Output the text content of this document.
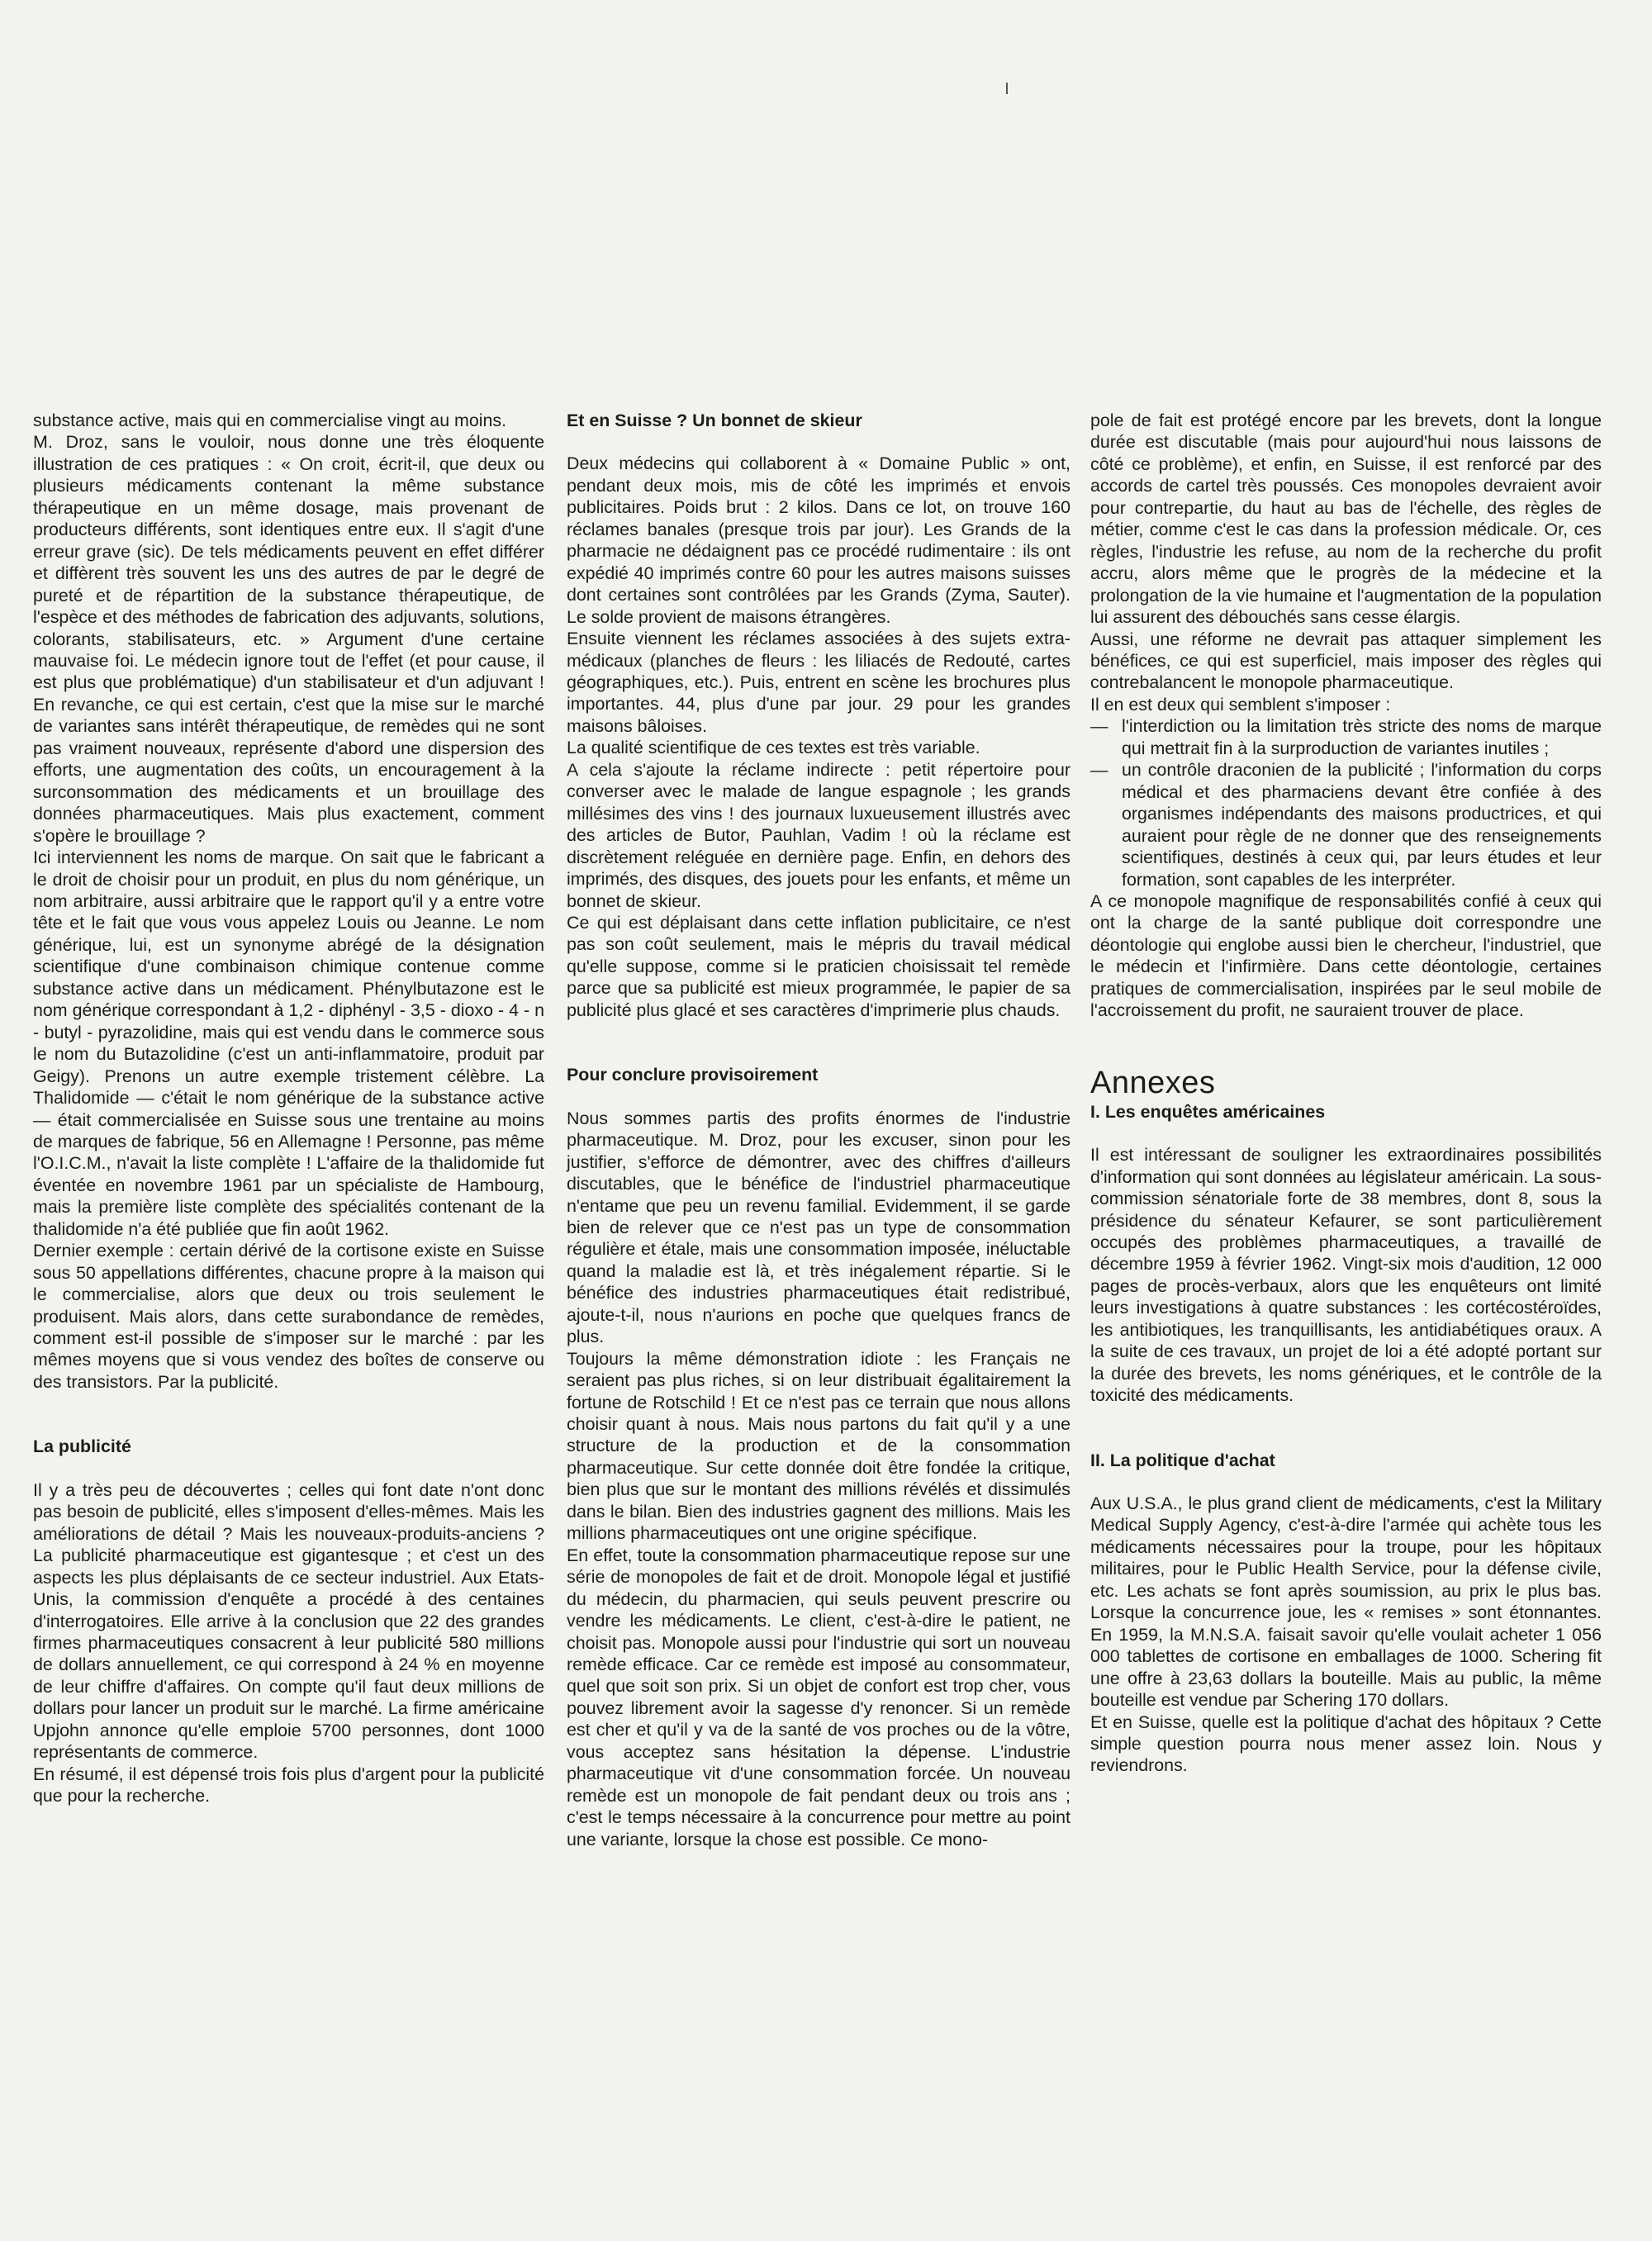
substance active, mais qui en commercialise vingt au moins.

M. Droz, sans le vouloir, nous donne une très éloquente illustration de ces pratiques : « On croit, écrit-il, que deux ou plusieurs médicaments contenant la même substance thérapeutique en un même dosage, mais provenant de producteurs différents, sont identiques entre eux. Il s'agit d'une erreur grave (sic). De tels médicaments peuvent en effet différer et diffèrent très souvent les uns des autres de par le degré de pureté et de répartition de la substance thérapeutique, de l'espèce et des méthodes de fabrication des adjuvants, solutions, colorants, stabilisateurs, etc. » Argument d'une certaine mauvaise foi. Le médecin ignore tout de l'effet (et pour cause, il est plus que problématique) d'un stabilisateur et d'un adjuvant ! En revanche, ce qui est certain, c'est que la mise sur le marché de variantes sans intérêt thérapeutique, de remèdes qui ne sont pas vraiment nouveaux, représente d'abord une dispersion des efforts, une augmentation des coûts, un encouragement à la surconsommation des médicaments et un brouillage des données pharmaceutiques. Mais plus exactement, comment s'opère le brouillage ?

Ici interviennent les noms de marque. On sait que le fabricant a le droit de choisir pour un produit, en plus du nom générique, un nom arbitraire, aussi arbitraire que le rapport qu'il y a entre votre tête et le fait que vous vous appelez Louis ou Jeanne. Le nom générique, lui, est un synonyme abrégé de la désignation scientifique d'une combinaison chimique contenue comme substance active dans un médicament. Phénylbutazone est le nom générique correspondant à 1,2 - diphényl - 3,5 - dioxo - 4 - n - butyl - pyrazolidine, mais qui est vendu dans le commerce sous le nom du Butazolidine (c'est un anti-inflammatoire, produit par Geigy). Prenons un autre exemple tristement célèbre. La Thalidomide — c'était le nom générique de la substance active — était commercialisée en Suisse sous une trentaine au moins de marques de fabrique, 56 en Allemagne ! Personne, pas même l'O.I.C.M., n'avait la liste complète ! L'affaire de la thalidomide fut éventée en novembre 1961 par un spécialiste de Hambourg, mais la première liste complète des spécialités contenant de la thalidomide n'a été publiée que fin août 1962.

Dernier exemple : certain dérivé de la cortisone existe en Suisse sous 50 appellations différentes, chacune propre à la maison qui le commercialise, alors que deux ou trois seulement le produisent. Mais alors, dans cette surabondance de remèdes, comment est-il possible de s'imposer sur le marché : par les mêmes moyens que si vous vendez des boîtes de conserve ou des transistors. Par la publicité.

La publicité

Il y a très peu de découvertes ; celles qui font date n'ont donc pas besoin de publicité, elles s'imposent d'elles-mêmes. Mais les améliorations de détail ? Mais les nouveaux-produits-anciens ? La publicité pharmaceutique est gigantesque ; et c'est un des aspects les plus déplaisants de ce secteur industriel. Aux Etats-Unis, la commission d'enquête a procédé à des centaines d'interrogatoires. Elle arrive à la conclusion que 22 des grandes firmes pharmaceutiques consacrent à leur publicité 580 millions de dollars annuellement, ce qui correspond à 24 % en moyenne de leur chiffre d'affaires. On compte qu'il faut deux millions de dollars pour lancer un produit sur le marché. La firme américaine Upjohn annonce qu'elle emploie 5700 personnes, dont 1000 représentants de commerce.

En résumé, il est dépensé trois fois plus d'argent pour la publicité que pour la recherche.

Et en Suisse ? Un bonnet de skieur

Deux médecins qui collaborent à « Domaine Public » ont, pendant deux mois, mis de côté les imprimés et envois publicitaires. Poids brut : 2 kilos. Dans ce lot, on trouve 160 réclames banales (presque trois par jour). Les Grands de la pharmacie ne dédaignent pas ce procédé rudimentaire : ils ont expédié 40 imprimés contre 60 pour les autres maisons suisses dont certaines sont contrôlées par les Grands (Zyma, Sauter). Le solde provient de maisons étrangères.

Ensuite viennent les réclames associées à des sujets extra-médicaux (planches de fleurs : les liliacés de Redouté, cartes géographiques, etc.). Puis, entrent en scène les brochures plus importantes. 44, plus d'une par jour. 29 pour les grandes maisons bâloises.

La qualité scientifique de ces textes est très variable.

A cela s'ajoute la réclame indirecte : petit répertoire pour converser avec le malade de langue espagnole ; les grands millésimes des vins ! des journaux luxueusement illustrés avec des articles de Butor, Pauhlan, Vadim ! où la réclame est discrètement reléguée en dernière page. Enfin, en dehors des imprimés, des disques, des jouets pour les enfants, et même un bonnet de skieur.

Ce qui est déplaisant dans cette inflation publicitaire, ce n'est pas son coût seulement, mais le mépris du travail médical qu'elle suppose, comme si le praticien choisissait tel remède parce que sa publicité est mieux programmée, le papier de sa publicité plus glacé et ses caractères d'imprimerie plus chauds.

Pour conclure provisoirement

Nous sommes partis des profits énormes de l'industrie pharmaceutique. M. Droz, pour les excuser, sinon pour les justifier, s'efforce de démontrer, avec des chiffres d'ailleurs discutables, que le bénéfice de l'industriel pharmaceutique n'entame que peu un revenu familial. Evidemment, il se garde bien de relever que ce n'est pas un type de consommation régulière et étale, mais une consommation imposée, inéluctable quand la maladie est là, et très inégalement répartie. Si le bénéfice des industries pharmaceutiques était redistribué, ajoute-t-il, nous n'aurions en poche que quelques francs de plus.

Toujours la même démonstration idiote : les Français ne seraient pas plus riches, si on leur distribuait égalitairement la fortune de Rotschild ! Et ce n'est pas ce terrain que nous allons choisir quant à nous. Mais nous partons du fait qu'il y a une structure de la production et de la consommation pharmaceutique. Sur cette donnée doit être fondée la critique, bien plus que sur le montant des millions révélés et dissimulés dans le bilan. Bien des industries gagnent des millions. Mais les millions pharmaceutiques ont une origine spécifique.

En effet, toute la consommation pharmaceutique repose sur une série de monopoles de fait et de droit. Monopole légal et justifié du médecin, du pharmacien, qui seuls peuvent prescrire ou vendre les médicaments. Le client, c'est-à-dire le patient, ne choisit pas. Monopole aussi pour l'industrie qui sort un nouveau remède efficace. Car ce remède est imposé au consommateur, quel que soit son prix. Si un objet de confort est trop cher, vous pouvez librement avoir la sagesse d'y renoncer. Si un remède est cher et qu'il y va de la santé de vos proches ou de la vôtre, vous acceptez sans hésitation la dépense. L'industrie pharmaceutique vit d'une consommation forcée. Un nouveau remède est un monopole de fait pendant deux ou trois ans ; c'est le temps nécessaire à la concurrence pour mettre au point une variante, lorsque la chose est possible. Ce mono-

pole de fait est protégé encore par les brevets, dont la longue durée est discutable (mais pour aujourd'hui nous laissons de côté ce problème), et enfin, en Suisse, il est renforcé par des accords de cartel très poussés. Ces monopoles devraient avoir pour contrepartie, du haut au bas de l'échelle, des règles de métier, comme c'est le cas dans la profession médicale. Or, ces règles, l'industrie les refuse, au nom de la recherche du profit accru, alors même que le progrès de la médecine et la prolongation de la vie humaine et l'augmentation de la population lui assurent des débouchés sans cesse élargis.

Aussi, une réforme ne devrait pas attaquer simplement les bénéfices, ce qui est superficiel, mais imposer des règles qui contrebalancent le monopole pharmaceutique.

Il en est deux qui semblent s'imposer :

— l'interdiction ou la limitation très stricte des noms de marque qui mettrait fin à la surproduction de variantes inutiles ;
— un contrôle draconien de la publicité ; l'information du corps médical et des pharmaciens devant être confiée à des organismes indépendants des maisons productrices, et qui auraient pour règle de ne donner que des renseignements scientifiques, destinés à ceux qui, par leurs études et leur formation, sont capables de les interpréter.

A ce monopole magnifique de responsabilités confié à ceux qui ont la charge de la santé publique doit correspondre une déontologie qui englobe aussi bien le chercheur, l'industriel, que le médecin et l'infirmière. Dans cette déontologie, certaines pratiques de commercialisation, inspirées par le seul mobile de l'accroissement du profit, ne sauraient trouver de place.

Annexes

I. Les enquêtes américaines

Il est intéressant de souligner les extraordinaires possibilités d'information qui sont données au législateur américain. La sous-commission sénatoriale forte de 38 membres, dont 8, sous la présidence du sénateur Kefaurer, se sont particulièrement occupés des problèmes pharmaceutiques, a travaillé de décembre 1959 à février 1962. Vingt-six mois d'audition, 12 000 pages de procès-verbaux, alors que les enquêteurs ont limité leurs investigations à quatre substances : les cortécostéroïdes, les antibiotiques, les tranquillisants, les antidiabétiques oraux. A la suite de ces travaux, un projet de loi a été adopté portant sur la durée des brevets, les noms génériques, et le contrôle de la toxicité des médicaments.

II. La politique d'achat

Aux U.S.A., le plus grand client de médicaments, c'est la Military Medical Supply Agency, c'est-à-dire l'armée qui achète tous les médicaments nécessaires pour la troupe, pour les hôpitaux militaires, pour le Public Health Service, pour la défense civile, etc. Les achats se font après soumission, au prix le plus bas. Lorsque la concurrence joue, les « remises » sont étonnantes. En 1959, la M.N.S.A. faisait savoir qu'elle voulait acheter 1 056 000 tablettes de cortisone en emballages de 1000. Schering fit une offre à 23,63 dollars la bouteille. Mais au public, la même bouteille est vendue par Schering 170 dollars.

Et en Suisse, quelle est la politique d'achat des hôpitaux ? Cette simple question pourra nous mener assez loin. Nous y reviendrons.
